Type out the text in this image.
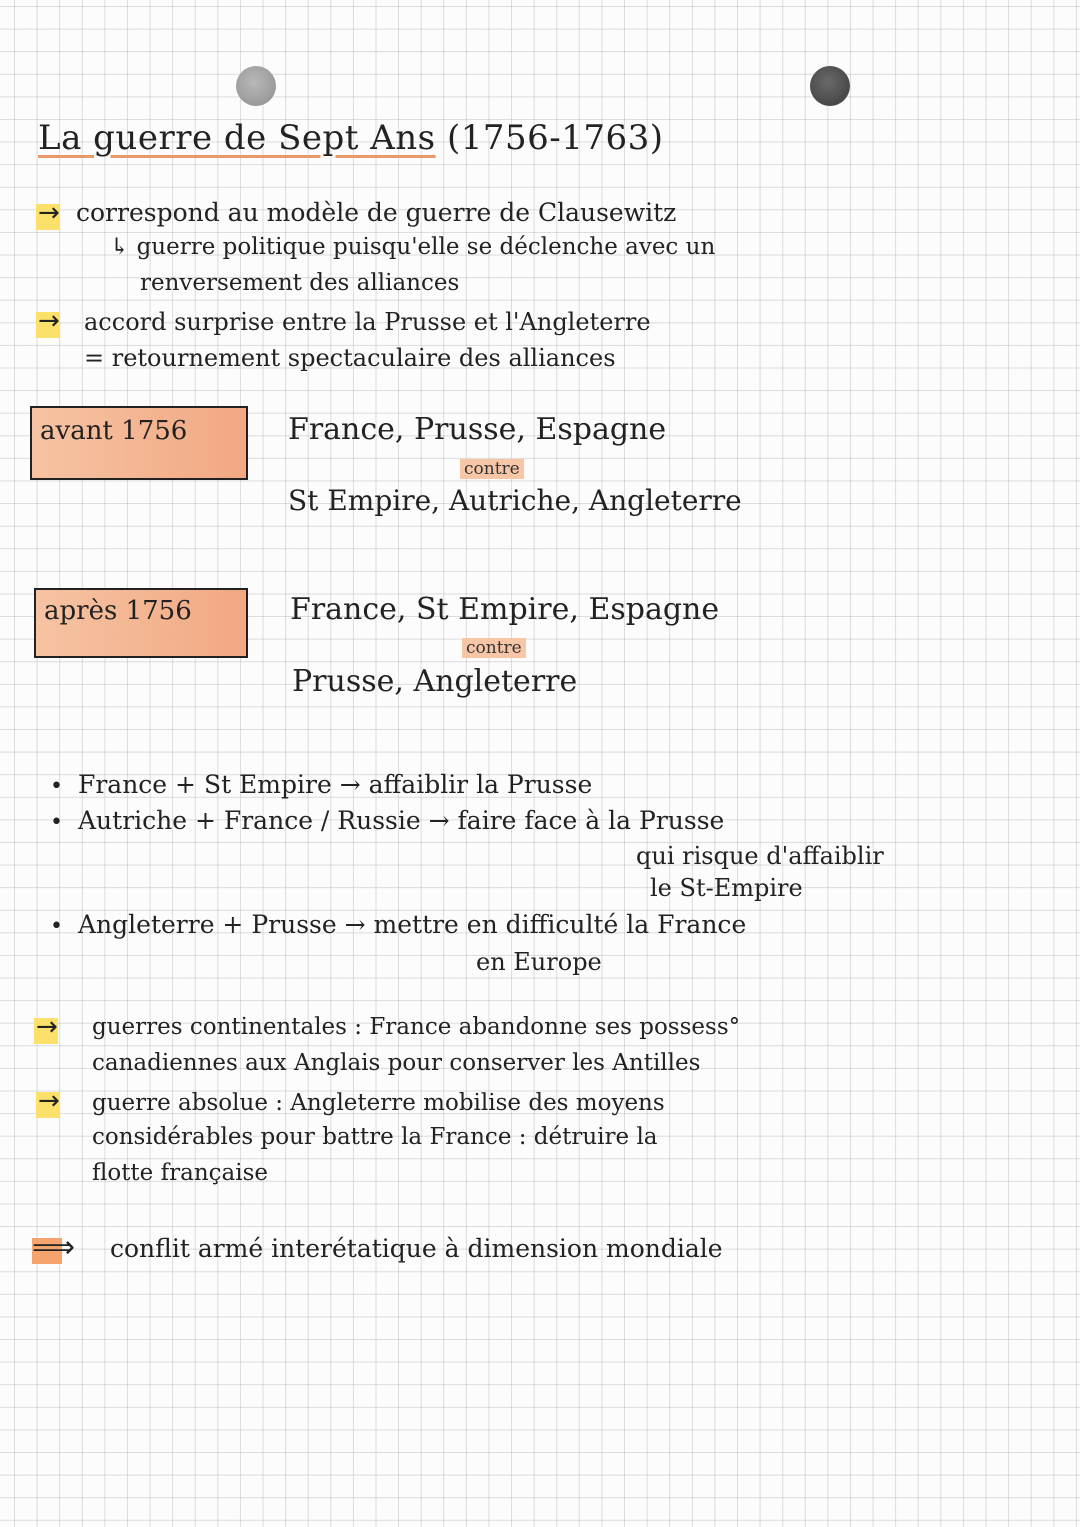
La guerre de Sept Ans (1756-1763)
→ correspond au modèle de guerre de Clausewitz
↳ guerre politique puisqu'elle se déclenche avec un
renversement des alliances
→ accord surprise entre la Prusse et l'Angleterre
= retournement spectaculaire des alliances
avant 1756	France, Prusse, Espagne
contre
St Empire, Autriche, Angleterre
après 1756	France, St Empire, Espagne
contre
Prusse, Angleterre
• France + St Empire → affaiblir la Prusse
• Autriche + France / Russie → faire face à la Prusse
qui risque d'affaiblir
le St-Empire
• Angleterre + Prusse → mettre en difficulté la France
en Europe
→ guerres continentales : France abandonne ses possess°
canadiennes aux Anglais pour conserver les Antilles
→ guerre absolue : Angleterre mobilise des moyens
considérables pour battre la France : détruire la
flotte française
⟹ conflit armé interétatique à dimension mondiale
